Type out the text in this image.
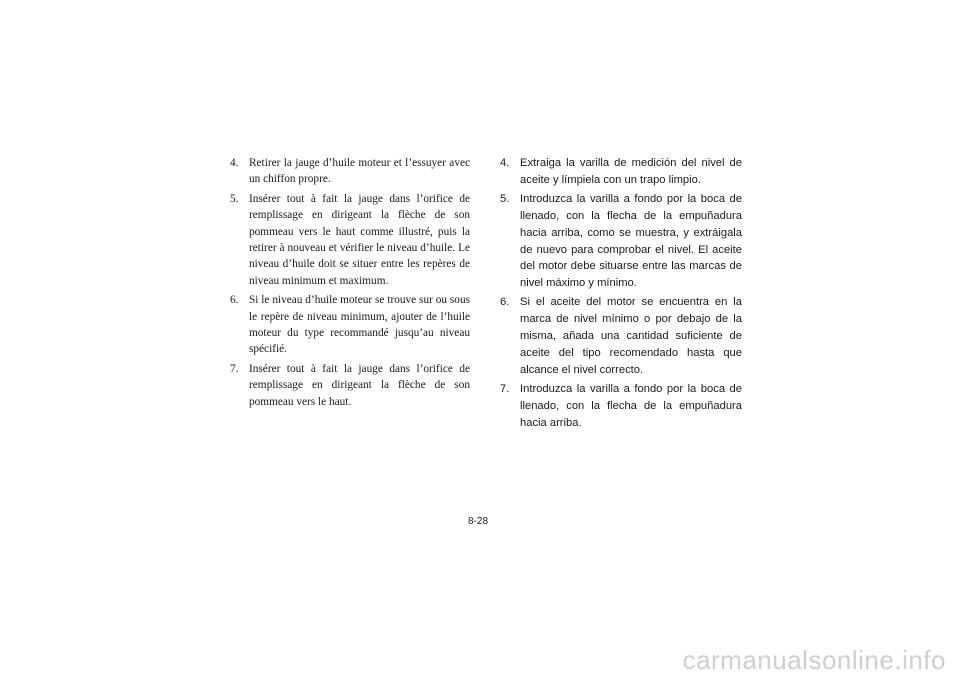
4. Retirer la jauge d’huile moteur et l’essuyer avec un chiffon propre.
5. Insérer tout à fait la jauge dans l’orifice de remplissage en dirigeant la flèche de son pommeau vers le haut comme illustré, puis la retirer à nouveau et vérifier le niveau d’huile. Le niveau d’huile doit se situer entre les repères de niveau minimum et maximum.
6. Si le niveau d’huile moteur se trouve sur ou sous le repère de niveau minimum, ajouter de l’huile moteur du type recommandé jusqu’au niveau spécifié.
7. Insérer tout à fait la jauge dans l’orifice de remplissage en dirigeant la flèche de son pommeau vers le haut.
4. Extraiga la varilla de medición del nivel de aceite y límpiela con un trapo limpio.
5. Introduzca la varilla a fondo por la boca de llenado, con la flecha de la empuñadura hacia arriba, como se muestra, y extráigala de nuevo para comprobar el nivel. El aceite del motor debe situarse entre las marcas de nivel máximo y mínimo.
6. Si el aceite del motor se encuentra en la marca de nivel mínimo o por debajo de la misma, añada una cantidad suficiente de aceite del tipo recomendado hasta que alcance el nivel correcto.
7. Introduzca la varilla a fondo por la boca de llenado, con la flecha de la empuñadura hacia arriba.
8-28
carmanualsonline.info
